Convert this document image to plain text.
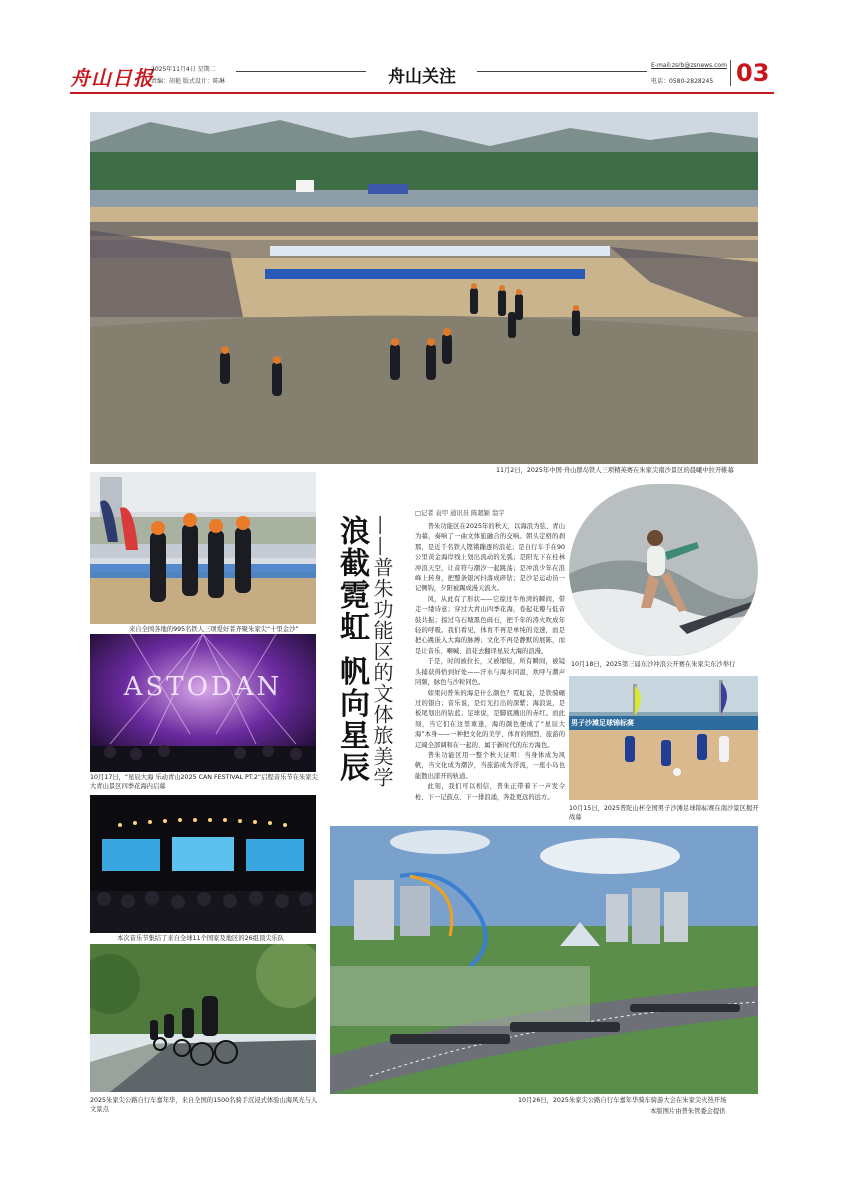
舟山日报
2025年11月4日 星期二
责编：胡艳 版式设计：陈琳	舟山关注
E-mail:zsrb@zsnews.com
电话：0580-2828245 03
11月2日，2025年中国·舟山群岛铁人三项精英赛在朱家尖南沙景区的晨曦中拉开帷幕
来自全国各地的995名铁人三项爱好者齐聚朱家尖“十里金沙”
ASTODAN
10月17日，“星辰大海 乐动青山2025 CAN FESTIVAL PT.2”启程音乐节在朱家尖大青山景区四季花海内启幕
本次音乐节集结了来自全球11个国家及地区的26组顶尖乐队
2025朱家尖公路自行车嘉年华，来自全国的1500名骑手沉浸式体验山海风光与人文景点
浪截霓虹 帆向星辰 ——普朱功能区的文体旅美学
□记者 袁甲 通讯员 陈超颖 翁宇

普朱功能区在2025年的秋天，以海浪为弦、青山为幕，奏响了一曲文体旅融合的交响。朝头定格的刹那，是近千名铁人铿锵蹦逐的浪花；是自行车手在90公里黄金海岸线上划出流动的光弧；是阳光下在桂林冲浪天空，让音符与潮汐一起跳荡；是冲浪少年在浪峰上转身，把整条银河抖落成碎钻；是沙足运动员一记侧钩，夕阳被踢成漫天流火。

风，从此有了形状——它掠过牛角湾的瞬间，带走一缕诗意；穿过大青山四季花海，卷起花瓣与低音鼓共振；掠过乌石塘黑色砾石，把千年的涛火吹成年轻的呼吸。我们看见，体育不再是单纯的竞速，而是把心跳嵌入大海的脉搏；文化不再是静默的展陈，而是让音乐、喇喊、浪花去翻译星辰大海的浪漫。

于是，时间被拉长，又被缩短，所有瞬间，被镜头捕获得恰到好处——汗水与海水同温，欢呼与潮声同频，脉色与沙粒同色。

如果问普朱的海是什么颜色？霓虹说，是铁骑碾过的银白；音乐说，是灯光打出的深紫；海浪说，是板尾划出的钴蓝；足球说，是脚底溅出的赤红。而此刻，当它们在这里重逢，海的颜色便成了“星辰大海”本身——一种把文化的美学、体育的刚烈、旅游的辽阔全部调和在一起的、属于新时代的东方海色。

普朱功能区用一整个秋天证明：当身体成为风帆，当文化成为潮汐，当旅游成为浮流，一座小岛也能散出漾开的轨道。

此刻，我们可以相信，普朱正带着下一声发令枪、下一记鼓点、下一排浪涌，奔赴更远的远方。

10月18日，2025第三届东沙冲浪公开赛在朱家尖东沙举行
男子沙滩足球锦标赛
10月15日，2025普陀山杯全国男子沙滩足球锦标赛在南沙景区揭开战幕
10月26日，2025朱家尖公路自行车嘉年华骑车骑游大会在朱家尖火热开场
本版图片由普朱管委会提供
